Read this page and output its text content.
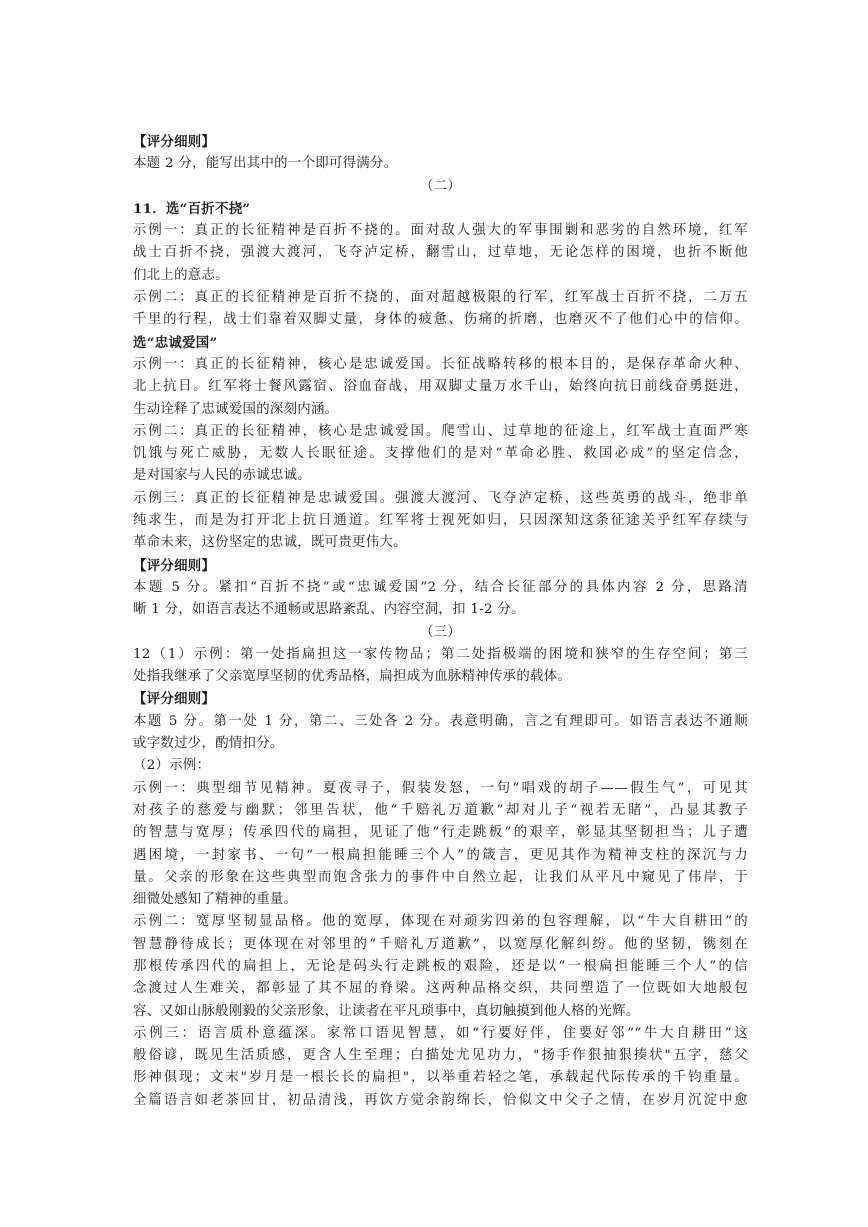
【评分细则】
本题 2 分，能写出其中的一个即可得满分。
（二）
11．选“百折不挠”
示例一：真正的长征精神是百折不挠的。面对敌人强大的军事围剿和恶劣的自然环境，红军
战士百折不挠，强渡大渡河，飞夺泸定桥，翻雪山，过草地，无论怎样的困境，也折不断他
们北上的意志。
示例二：真正的长征精神是百折不挠的，面对超越极限的行军，红军战士百折不挠，二万五
千里的行程，战士们靠着双脚丈量，身体的疲惫、伤痛的折磨，也磨灭不了他们心中的信仰。
选“忠诚爱国”
示例一：真正的长征精神，核心是忠诚爱国。长征战略转移的根本目的，是保存革命火种、
北上抗日。红军将士餐风露宿、浴血奋战，用双脚丈量万水千山，始终向抗日前线奋勇挺进，
生动诠释了忠诚爱国的深刻内涵。
示例二：真正的长征精神，核心是忠诚爱国。爬雪山、过草地的征途上，红军战士直面严寒
饥饿与死亡威胁，无数人长眠征途。支撑他们的是对“革命必胜、救国必成”的坚定信念，
是对国家与人民的赤诚忠诚。
示例三：真正的长征精神是忠诚爱国。强渡大渡河、飞夺泸定桥，这些英勇的战斗，绝非单
纯求生，而是为打开北上抗日通道。红军将士视死如归，只因深知这条征途关乎红军存续与
革命未来，这份坚定的忠诚，既可贵更伟大。
【评分细则】
本题 5 分。紧扣“百折不挠”或“忠诚爱国”2 分，结合长征部分的具体内容 2 分，思路清
晰 1 分，如语言表达不通畅或思路紊乱、内容空洞，扣 1-2 分。
（三）
12（1）示例：第一处指扁担这一家传物品；第二处指极端的困境和狭窄的生存空间；第三
处指我继承了父亲宽厚坚韧的优秀品格，扁担成为血脉精神传承的载体。
【评分细则】
本题 5 分。第一处 1 分，第二、三处各 2 分。表意明确，言之有理即可。如语言表达不通顺
或字数过少，酌情扣分。
（2）示例：
示例一：典型细节见精神。夏夜寻子，假装发怒，一句“唱戏的胡子——假生气”，可见其
对孩子的慈爱与幽默；邻里告状，他“千赔礼万道歉”却对儿子“视若无睹”，凸显其教子
的智慧与宽厚；传承四代的扁担，见证了他“行走跳板”的艰辛，彰显其坚韧担当；儿子遭
遇困境，一封家书、一句“一根扁担能睡三个人”的箴言，更见其作为精神支柱的深沉与力
量。父亲的形象在这些典型而饱含张力的事件中自然立起，让我们从平凡中窥见了伟岸，于
细微处感知了精神的重量。
示例二：宽厚坚韧显品格。他的宽厚，体现在对顽劣四弟的包容理解，以“牛大自耕田”的
智慧静待成长；更体现在对邻里的“千赔礼万道歉”，以宽厚化解纠纷。他的坚韧，镌刻在
那根传承四代的扁担上，无论是码头行走跳板的艰险，还是以“一根扁担能睡三个人”的信
念渡过人生难关，都彰显了其不屈的脊梁。这两种品格交织，共同塑造了一位既如大地般包
容、又如山脉般刚毅的父亲形象，让读者在平凡琐事中，真切触摸到他人格的光辉。
示例三：语言质朴意蕴深。家常口语见智慧，如“行要好伴，住要好邻”“牛大自耕田”这
般俗谚，既见生活质感，更含人生至理；白描处尤见功力，"扬手作狠抽狠揍状"五字，慈父
形神俱现；文末"岁月是一根长长的扁担"，以举重若轻之笔，承载起代际传承的千钧重量。
全篇语言如老茶回甘，初品清浅，再饮方觉余韵绵长，恰似文中父子之情，在岁月沉淀中愈
